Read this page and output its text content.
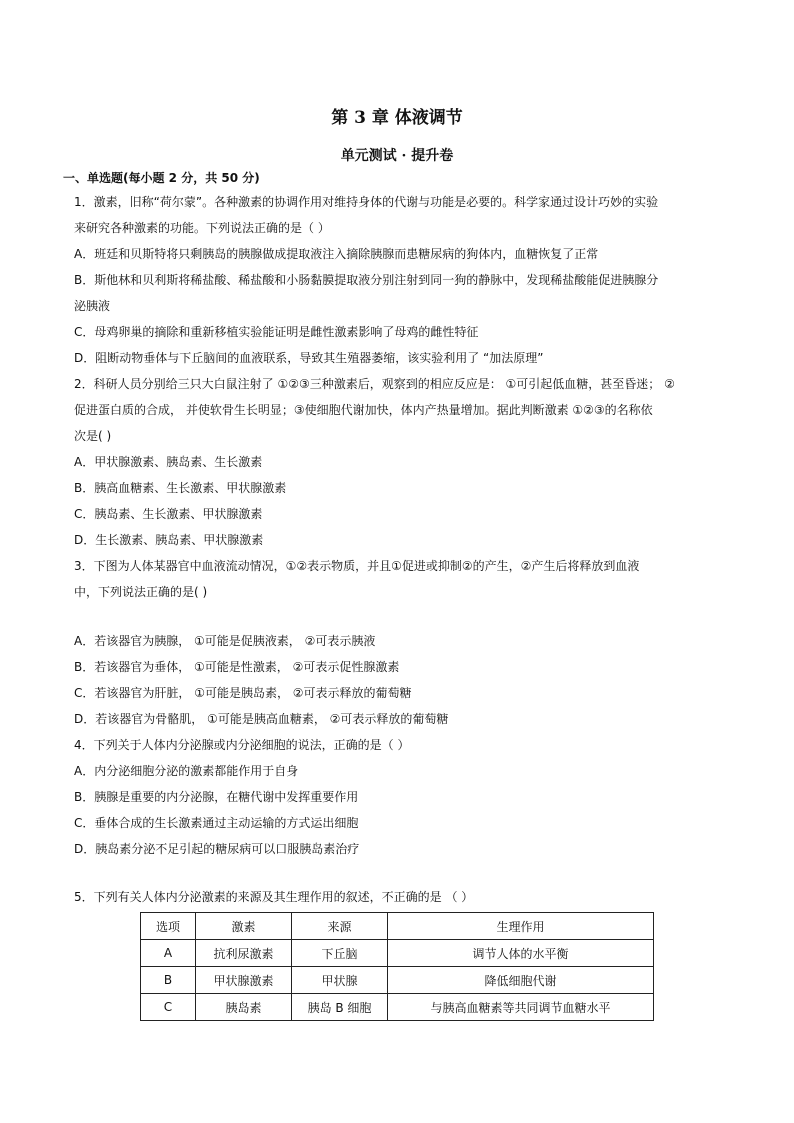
第 3 章 体液调节
单元测试 · 提升卷
一、单选题(每小题 2 分，共 50 分)
1．激素，旧称“荷尔蒙”。各种激素的协调作用对维持身体的代谢与功能是必要的。科学家通过设计巧妙的实验
来研究各种激素的功能。下列说法正确的是（ ）
A．班廷和贝斯特将只剩胰岛的胰腺做成提取液注入摘除胰腺而患糖尿病的狗体内，血糖恢复了正常
B．斯他林和贝利斯将稀盐酸、稀盐酸和小肠黏膜提取液分别注射到同一狗的静脉中，发现稀盐酸能促进胰腺分
泌胰液
C．母鸡卵巢的摘除和重新移植实验能证明是雌性激素影响了母鸡的雌性特征
D．阻断动物垂体与下丘脑间的血液联系，导致其生殖器萎缩，该实验利用了 “加法原理”
2．科研人员分别给三只大白鼠注射了 ①②③三种激素后，观察到的相应反应是： ①可引起低血糖，甚至昏迷； ②
促进蛋白质的合成， 并使软骨生长明显；③使细胞代谢加快，体内产热量增加。据此判断激素 ①②③的名称依
次是( )
A．甲状腺激素、胰岛素、生长激素
B．胰高血糖素、生长激素、甲状腺激素
C．胰岛素、生长激素、甲状腺激素
D．生长激素、胰岛素、甲状腺激素
3．下图为人体某器官中血液流动情况，①②表示物质，并且①促进或抑制②的产生，②产生后将释放到血液
中，下列说法正确的是( )
A．若该器官为胰腺， ①可能是促胰液素， ②可表示胰液
B．若该器官为垂体， ①可能是性激素， ②可表示促性腺激素
C．若该器官为肝脏， ①可能是胰岛素， ②可表示释放的葡萄糖
D．若该器官为骨骼肌， ①可能是胰高血糖素， ②可表示释放的葡萄糖
4．下列关于人体内分泌腺或内分泌细胞的说法，正确的是（ ）
A．内分泌细胞分泌的激素都能作用于自身
B．胰腺是重要的内分泌腺，在糖代谢中发挥重要作用
C．垂体合成的生长激素通过主动运输的方式运出细胞
D．胰岛素分泌不足引起的糖尿病可以口服胰岛素治疗
5．下列有关人体内分泌激素的来源及其生理作用的叙述，不正确的是 （ ）
选项	激素	来源	生理作用
A	抗利尿激素	下丘脑	调节人体的水平衡
B	甲状腺激素	甲状腺	降低细胞代谢
C	胰岛素	胰岛 B 细胞	与胰高血糖素等共同调节血糖水平
